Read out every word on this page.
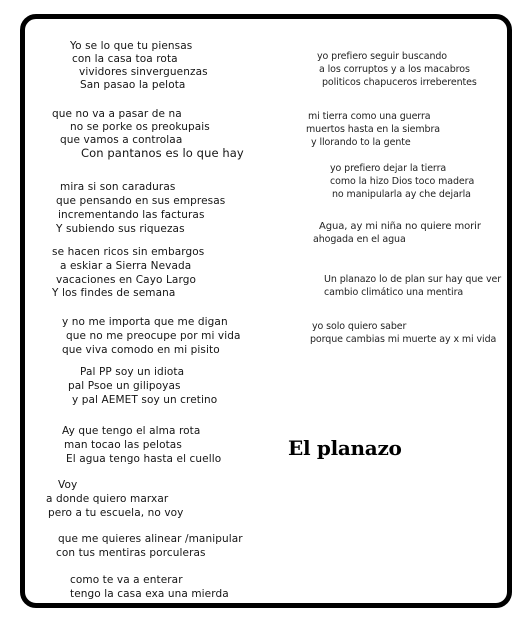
Yo se lo que tu piensas
con la casa toa rota
vividores sinverguenzas
San pasao la pelota
que no va a pasar de na
no se porke os preokupais
que vamos a controlaa
Con pantanos es lo que hay
mira si son caraduras
que pensando en sus empresas
incrementando las facturas
Y subiendo sus riquezas
se hacen ricos sin embargos
a eskiar a Sierra Nevada
vacaciones en Cayo Largo
Y los findes de semana
y no me importa que me digan
que no me preocupe por mi vida
que viva comodo en mi pisito
Pal PP soy un idiota
pal Psoe un gilipoyas
y pal AEMET soy un cretino
Ay que tengo el alma rota
man tocao las pelotas
El agua tengo hasta el cuello
Voy
a donde quiero marxar
pero a tu escuela, no voy
que me quieres alinear /manipular
con tus mentiras porculeras
como te va a enterar
tengo la casa exa una mierda
yo prefiero seguir buscando
a los corruptos y a los macabros
politicos chapuceros irreberentes
mi tierra como una guerra
muertos hasta en la siembra
y llorando to la gente
yo prefiero dejar la tierra
como la hizo Dios toco madera
no manipularla ay che dejarla
Agua, ay mi niña no quiere morir
ahogada en el agua
Un planazo lo de plan sur hay que ver
cambio climático una mentira
yo solo quiero saber
porque cambias mi muerte ay x mi vida
El planazo
